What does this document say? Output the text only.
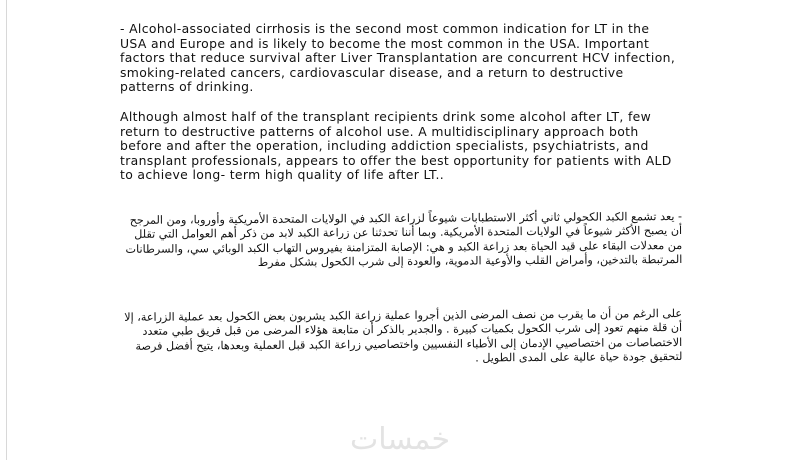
- Alcohol-associated cirrhosis is the second most common indication for LT in the USA and Europe and is likely to become the most common in the USA. Important factors that reduce survival after Liver Transplantation are concurrent HCV infection, smoking-related cancers, cardiovascular disease, and a return to destructive patterns of drinking.

Although almost half of the transplant recipients drink some alcohol after LT, few return to destructive patterns of alcohol use. A multidisciplinary approach both before and after the operation, including addiction specialists, psychiatrists, and transplant professionals, appears to offer the best opportunity for patients with ALD to achieve long- term high quality of life after LT..

- يعد تشمع الكبد الكحولي ثاني أكثر الاستطبابات شيوعاً لزراعة الكبد في الولايات المتحدة الأمريكية وأوروبا، ومن المرجح أن يصبح الأكثر شيوعاً في الولايات المتحدة الأمريكية. وبما أننا تحدثنا عن زراعة الكبد لابد من ذكر أهم العوامل التي تقلل من معدلات البقاء على قيد الحياة بعد زراعة الكبد و هي: الإصابة المتزامنة بفيروس التهاب الكبد الوبائي سي، والسرطانات المرتبطة بالتدخين، وأمراض القلب والأوعية الدموية، والعودة إلى شرب الكحول بشكل مفرط

على الرغم من أن ما يقرب من نصف المرضى الذين أجروا عملية زراعة الكبد يشربون بعض الكحول بعد عملية الزراعة، إلا أن قلة منهم تعود إلى شرب الكحول بكميات كبيرة . والجدير بالذكر أن متابعة هؤلاء المرضى من قبل فريق طبي متعدد الاختصاصات من اختصاصيي الإدمان إلى الأطباء النفسيين واختصاصيي زراعة الكبد قبل العملية وبعدها، يتيح أفضل فرصة لتحقيق جودة حياة عالية على المدى الطويل .

خمسات
